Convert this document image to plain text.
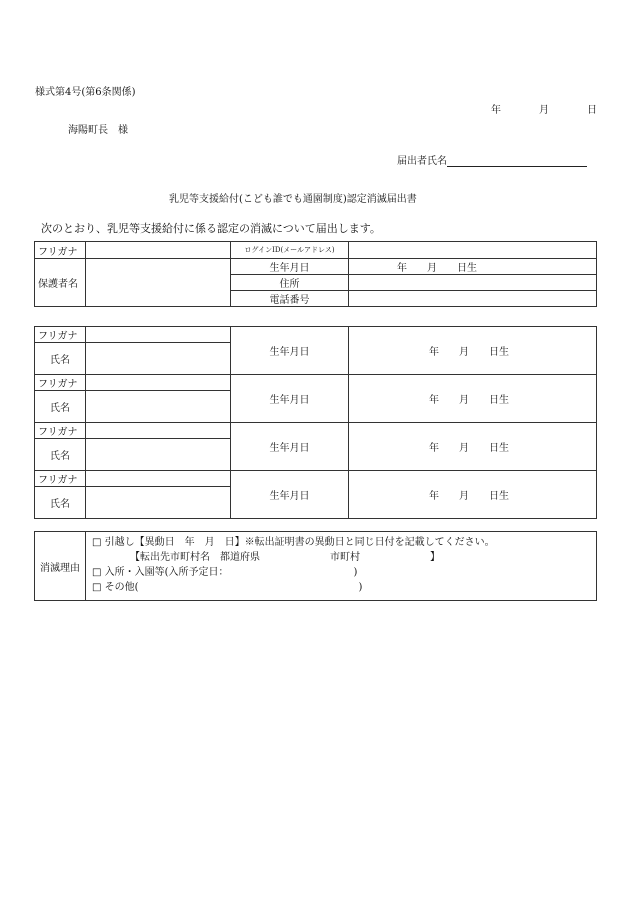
様式第4号(第6条関係)
年	月	日
海陽町長　様
届出者氏名
乳児等支援給付(こども誰でも通園制度)認定消滅届出書
次のとおり、乳児等支援給付に係る認定の消滅について届出します。
フリガナ		ログインID(メールアドレス)	
保護者名		生年月日	年　　月　　日生
		住所	
		電話番号	
フリガナ		生年月日	年　　月　　日生
氏名			
フリガナ		生年月日	年　　月　　日生
氏名			
フリガナ		生年月日	年　　月　　日生
氏名			
フリガナ		生年月日	年　　月　　日生
氏名			
消滅理由	
□ 引越し【異動日　年　月　日】※転出証明書の異動日と同じ日付を記載してください。
【転出先市町村名　都道府県　　　　　　　市町村　　　　　　　】
□ 入所・入園等(入所予定日：　　　　　　　　　　　　　)
□ その他(　　　　　　　　　　　　　　　　　　　　　　)
